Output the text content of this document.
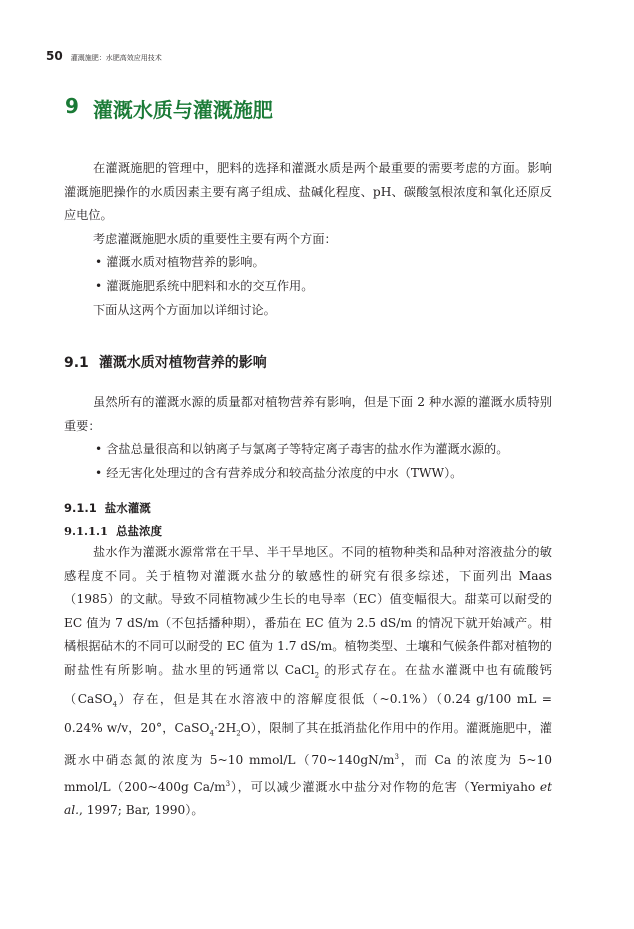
50 灌溉施肥：水肥高效应用技术
9 灌溉水质与灌溉施肥

在灌溉施肥的管理中，肥料的选择和灌溉水质是两个最重要的需要考虑的方面。影响灌溉施肥操作的水质因素主要有离子组成、盐碱化程度、pH、碳酸氢根浓度和氧化还原反应电位。

考虑灌溉施肥水质的重要性主要有两个方面：

• 灌溉水质对植物营养的影响。

• 灌溉施肥系统中肥料和水的交互作用。

下面从这两个方面加以详细讨论。

9.1 灌溉水质对植物营养的影响

虽然所有的灌溉水源的质量都对植物营养有影响，但是下面 2 种水源的灌溉水质特别重要：

• 含盐总量很高和以钠离子与氯离子等特定离子毒害的盐水作为灌溉水源的。

• 经无害化处理过的含有营养成分和较高盐分浓度的中水（TWW）。

9.1.1 盐水灌溉
9.1.1.1 总盐浓度

盐水作为灌溉水源常常在干旱、半干旱地区。不同的植物种类和品种对溶液盐分的敏感程度不同。关于植物对灌溉水盐分的敏感性的研究有很多综述，下面列出 Maas（1985）的文献。导致不同植物减少生长的电导率（EC）值变幅很大。甜菜可以耐受的 EC 值为 7 dS/m（不包括播种期），番茄在 EC 值为 2.5 dS/m 的情况下就开始减产。柑橘根据砧木的不同可以耐受的 EC 值为 1.7 dS/m。植物类型、土壤和气候条件都对植物的耐盐性有所影响。盐水里的钙通常以 CaCl$_2$ 的形式存在。在盐水灌溉中也有硫酸钙（CaSO$_4$）存在，但是其在水溶液中的溶解度很低（~0.1%）（0.24 g/100 mL = 0.24% w/v，20°，$CaSO_4\cdot 2H_2O$），限制了其在抵消盐化作用中的作用。灌溉施肥中，灌溉水中硝态氮的浓度为 5~10 mmol/$L(70\sim 140gN/m^3$，而 Ca 的浓度为 5~10 mmol/L（200~400g $Ca/m^3$），可以减少灌溉水中盐分对作物的危害（Yermiyaho et al., 1997; Bar, 1990）。
